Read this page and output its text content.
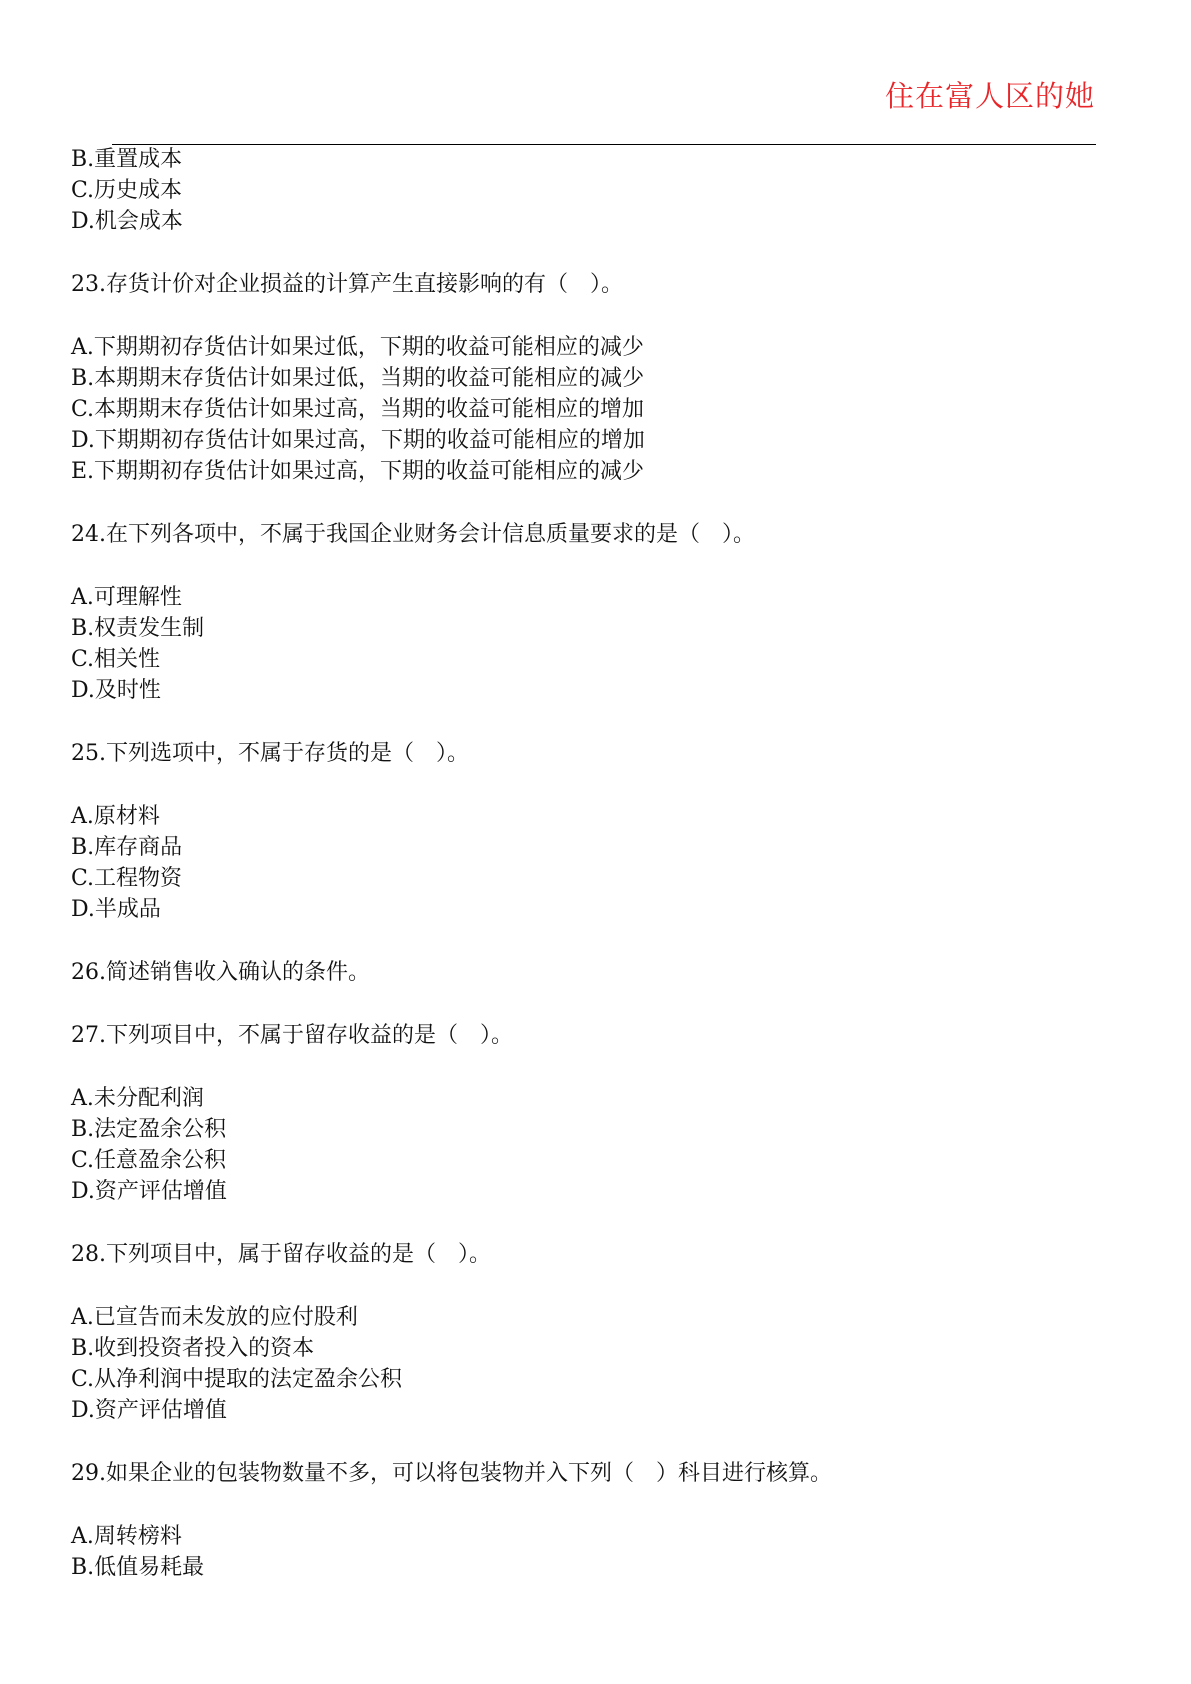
住在富人区的她
B.重置成本
C.历史成本
D.机会成本
23.存货计价对企业损益的计算产生直接影响的有（　）。
A.下期期初存货估计如果过低，下期的收益可能相应的减少
B.本期期末存货估计如果过低，当期的收益可能相应的减少
C.本期期末存货估计如果过高，当期的收益可能相应的增加
D.下期期初存货估计如果过高，下期的收益可能相应的增加
E.下期期初存货估计如果过高，下期的收益可能相应的减少
24.在下列各项中，不属于我国企业财务会计信息质量要求的是（　）。
A.可理解性
B.权责发生制
C.相关性
D.及时性
25.下列选项中，不属于存货的是（　）。
A.原材料
B.库存商品
C.工程物资
D.半成品
26.简述销售收入确认的条件。
27.下列项目中，不属于留存收益的是（　）。
A.未分配利润
B.法定盈余公积
C.任意盈余公积
D.资产评估增值
28.下列项目中，属于留存收益的是（　）。
A.已宣告而未发放的应付股利
B.收到投资者投入的资本
C.从净利润中提取的法定盈余公积
D.资产评估增值
29.如果企业的包装物数量不多，可以将包装物并入下列（　）科目进行核算。
A.周转榜料
B.低值易耗最
